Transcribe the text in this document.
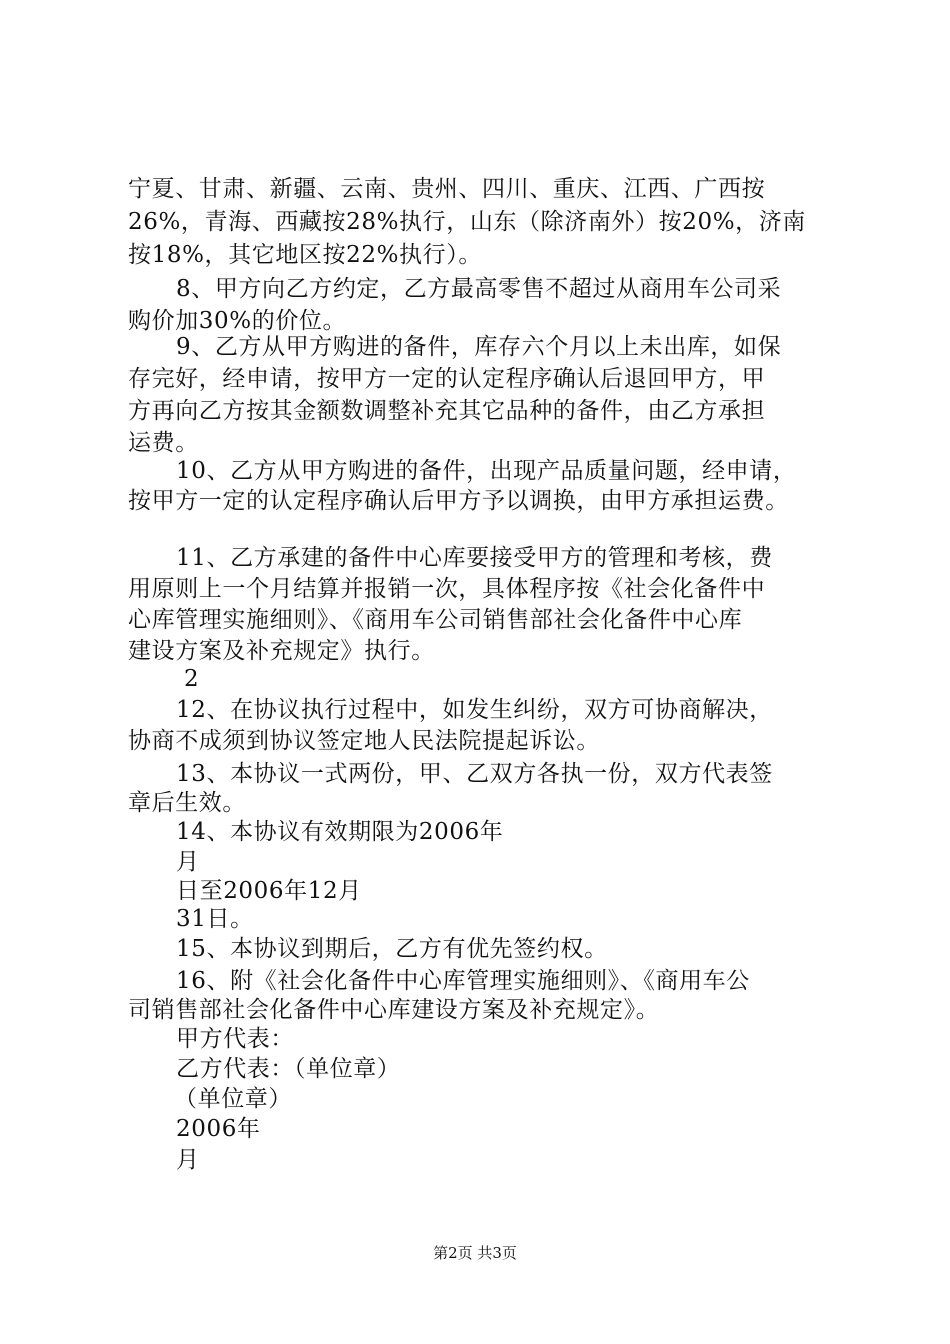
宁夏、甘肃、新疆、云南、贵州、四川、重庆、江西、广西按
26%，青海、西藏按28%执行，山东（除济南外）按20%，济南
按18%，其它地区按22%执行）。
8、甲方向乙方约定，乙方最高零售不超过从商用车公司采
购价加30%的价位。
9、乙方从甲方购进的备件，库存六个月以上未出库，如保
存完好，经申请，按甲方一定的认定程序确认后退回甲方，甲
方再向乙方按其金额数调整补充其它品种的备件，由乙方承担
运费。
10、乙方从甲方购进的备件，出现产品质量问题，经申请，
按甲方一定的认定程序确认后甲方予以调换，由甲方承担运费。
11、乙方承建的备件中心库要接受甲方的管理和考核，费
用原则上一个月结算并报销一次，具体程序按《社会化备件中
心库管理实施细则》、《商用车公司销售部社会化备件中心库
建设方案及补充规定》执行。
2
12、在协议执行过程中，如发生纠纷，双方可协商解决，
协商不成须到协议签定地人民法院提起诉讼。
13、本协议一式两份，甲、乙双方各执一份，双方代表签
章后生效。
14、本协议有效期限为2006年
月
日至2006年12月
31日。
15、本协议到期后，乙方有优先签约权。
16、附《社会化备件中心库管理实施细则》、《商用车公
司销售部社会化备件中心库建设方案及补充规定》。
甲方代表：
乙方代表：（单位章）
（单位章）
2006年
月
第2页 共3页
